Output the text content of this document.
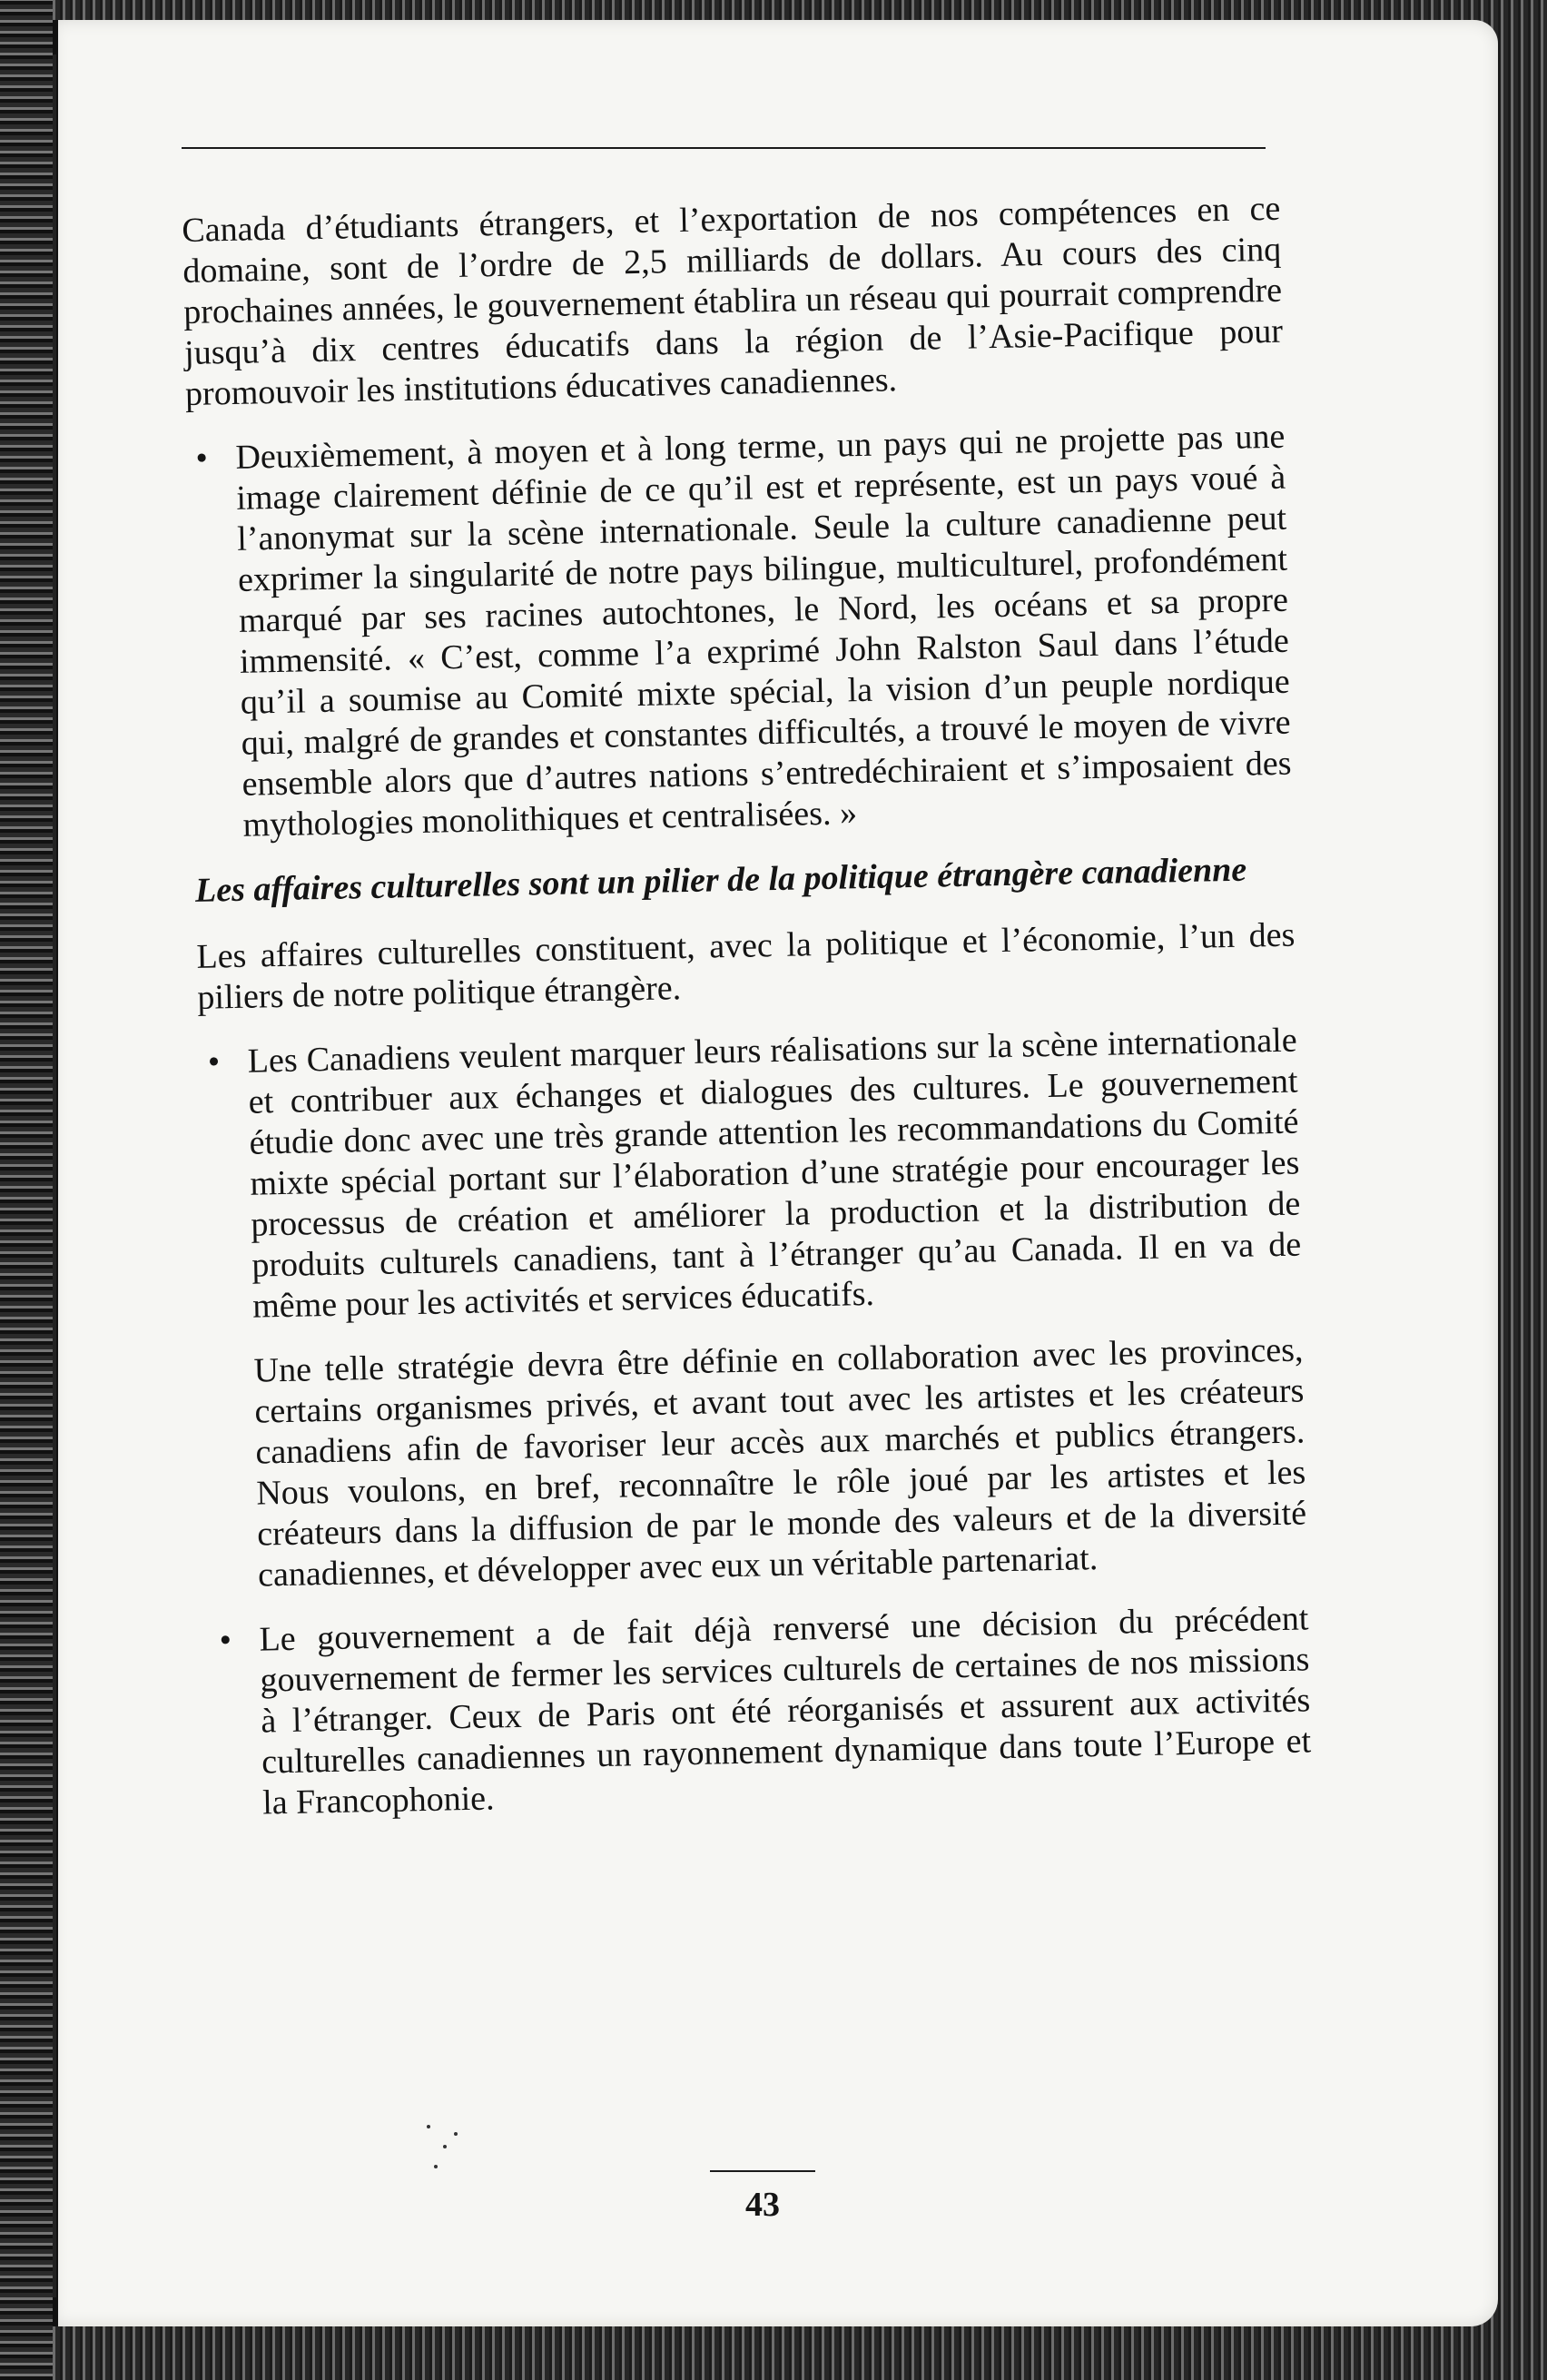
Canada d’étudiants étrangers, et l’exportation de nos compétences en ce domaine, sont de l’ordre de 2,5 milliards de dollars. Au cours des cinq prochaines années, le gouvernement établira un réseau qui pourrait comprendre jusqu’à dix centres éducatifs dans la région de l’Asie-Pacifique pour promouvoir les institutions éducatives canadiennes.

• Deuxièmement, à moyen et à long terme, un pays qui ne projette pas une image clairement définie de ce qu’il est et représente, est un pays voué à l’anonymat sur la scène internationale. Seule la culture canadienne peut exprimer la singularité de notre pays bilingue, multiculturel, profondément marqué par ses racines autochtones, le Nord, les océans et sa propre immensité. « C’est, comme l’a exprimé John Ralston Saul dans l’étude qu’il a soumise au Comité mixte spécial, la vision d’un peuple nordique qui, malgré de grandes et constantes difficultés, a trouvé le moyen de vivre ensemble alors que d’autres nations s’entredéchiraient et s’imposaient des mythologies monolithiques et centralisées. »

Les affaires culturelles sont un pilier de la politique étrangère canadienne

Les affaires culturelles constituent, avec la politique et l’économie, l’un des piliers de notre politique étrangère.

• Les Canadiens veulent marquer leurs réalisations sur la scène internationale et contribuer aux échanges et dialogues des cultures. Le gouvernement étudie donc avec une très grande attention les recommandations du Comité mixte spécial portant sur l’élaboration d’une stratégie pour encourager les processus de création et améliorer la production et la distribution de produits culturels canadiens, tant à l’étranger qu’au Canada. Il en va de même pour les activités et services éducatifs.

Une telle stratégie devra être définie en collaboration avec les provinces, certains organismes privés, et avant tout avec les artistes et les créateurs canadiens afin de favoriser leur accès aux marchés et publics étrangers. Nous voulons, en bref, reconnaître le rôle joué par les artistes et les créateurs dans la diffusion de par le monde des valeurs et de la diversité canadiennes, et développer avec eux un véritable partenariat.

• Le gouvernement a de fait déjà renversé une décision du précédent gouvernement de fermer les services culturels de certaines de nos missions à l’étranger. Ceux de Paris ont été réorganisés et assurent aux activités culturelles canadiennes un rayonnement dynamique dans toute l’Europe et la Francophonie.

43
